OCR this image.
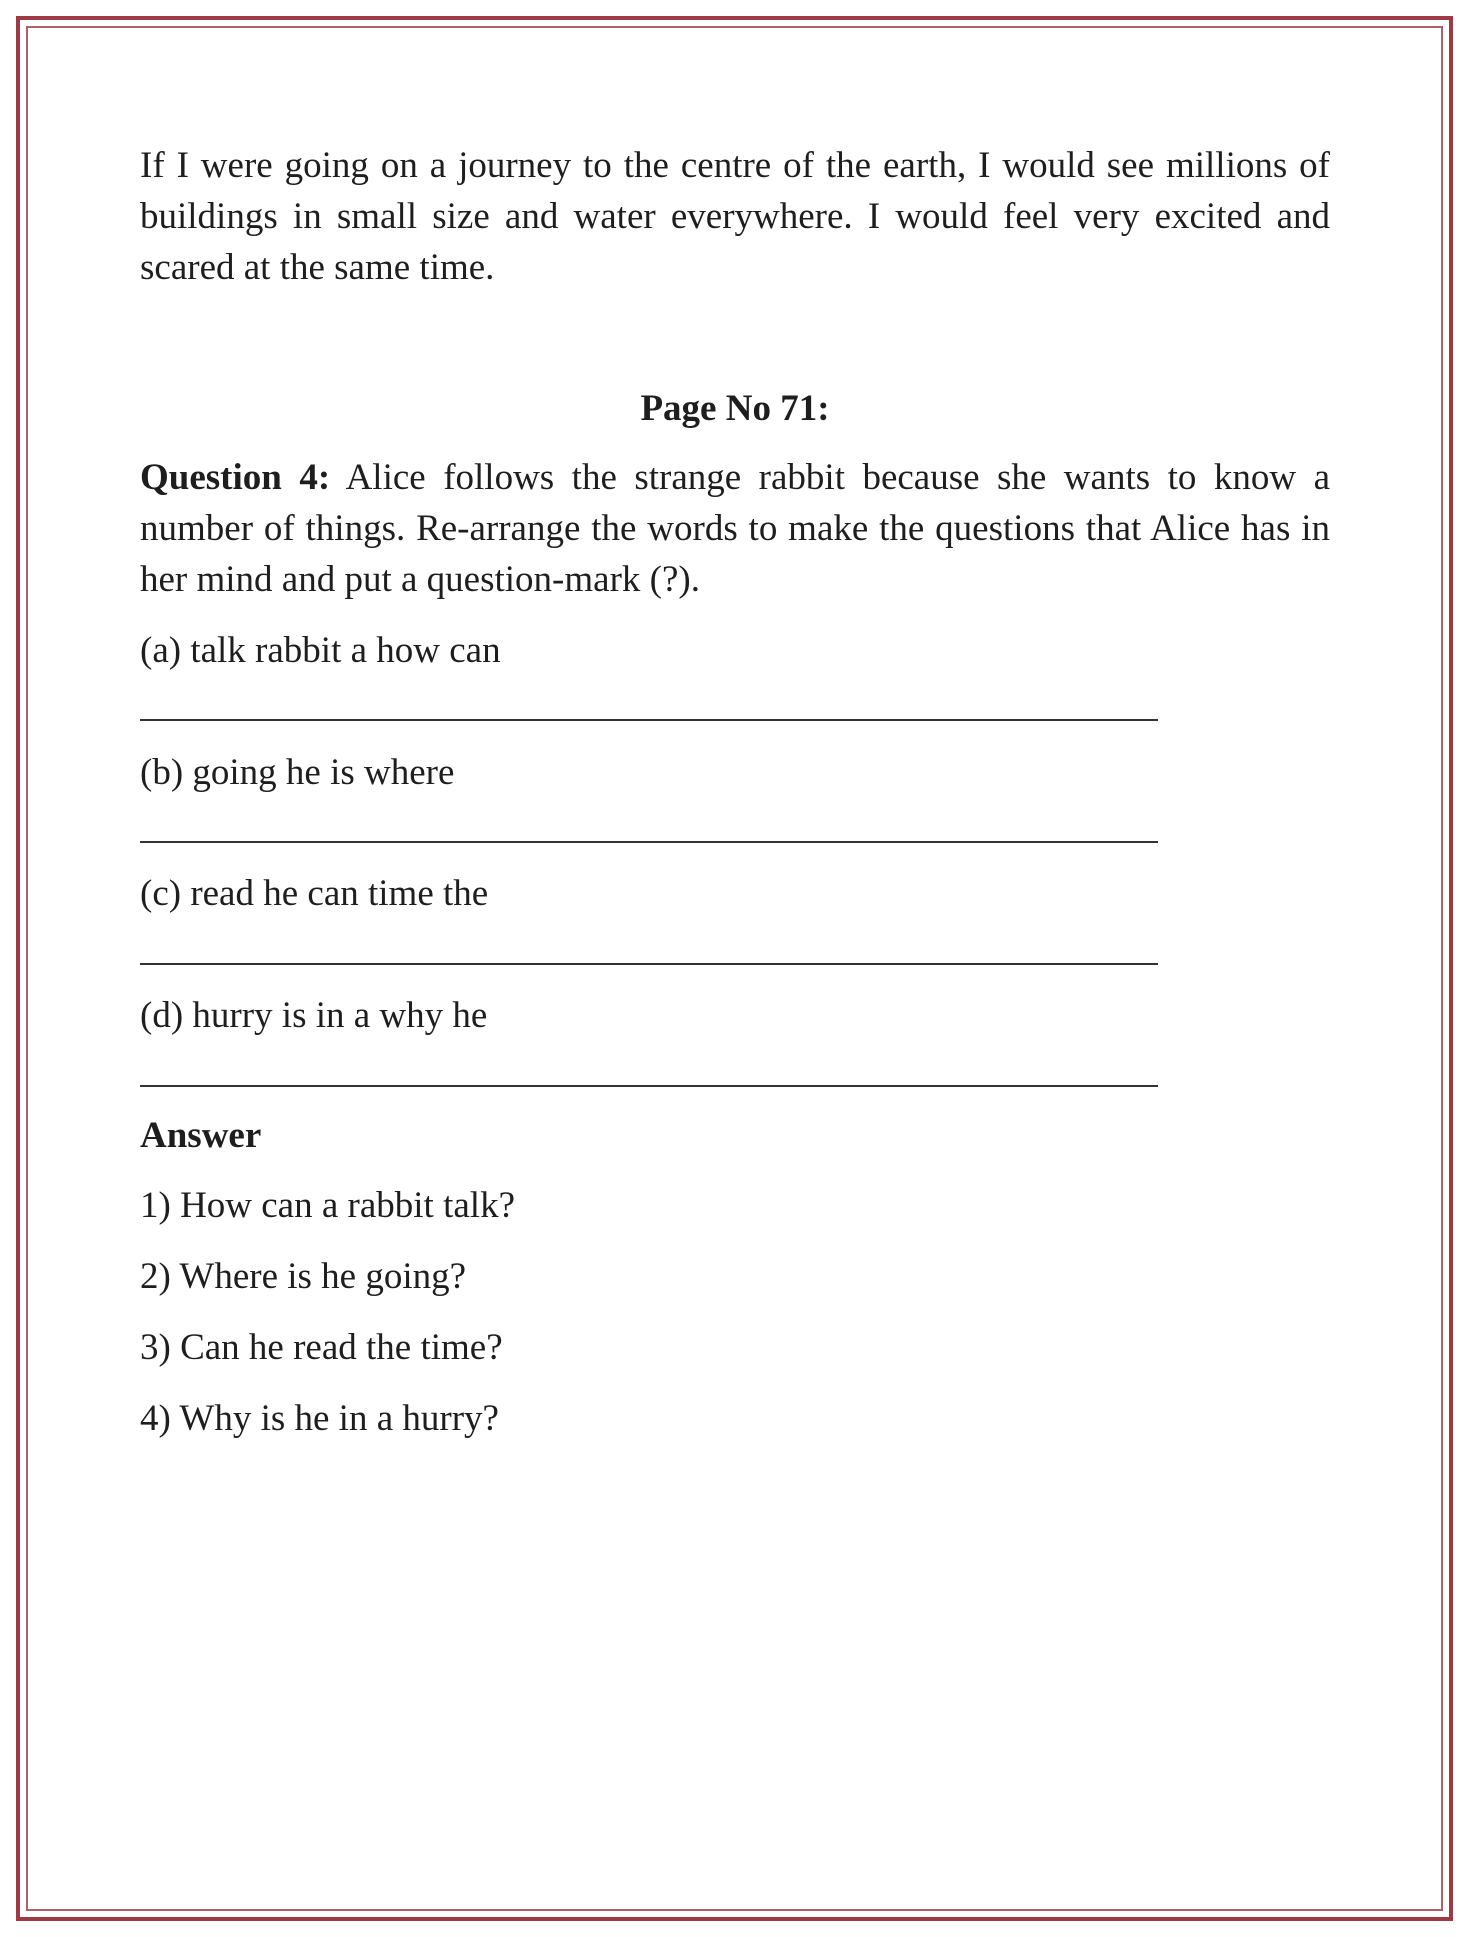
If I were going on a journey to the centre of the earth, I would see millions of buildings in small size and water everywhere. I would feel very excited and scared at the same time.

Page No 71:

Question 4: Alice follows the strange rabbit because she wants to know a number of things. Re-arrange the words to make the questions that Alice has in her mind and put a question-mark (?).

(a) talk rabbit a how can

(b) going he is where

(c) read he can time the

(d) hurry is in a why he

Answer

1) How can a rabbit talk?

2) Where is he going?

3) Can he read the time?

4) Why is he in a hurry?
